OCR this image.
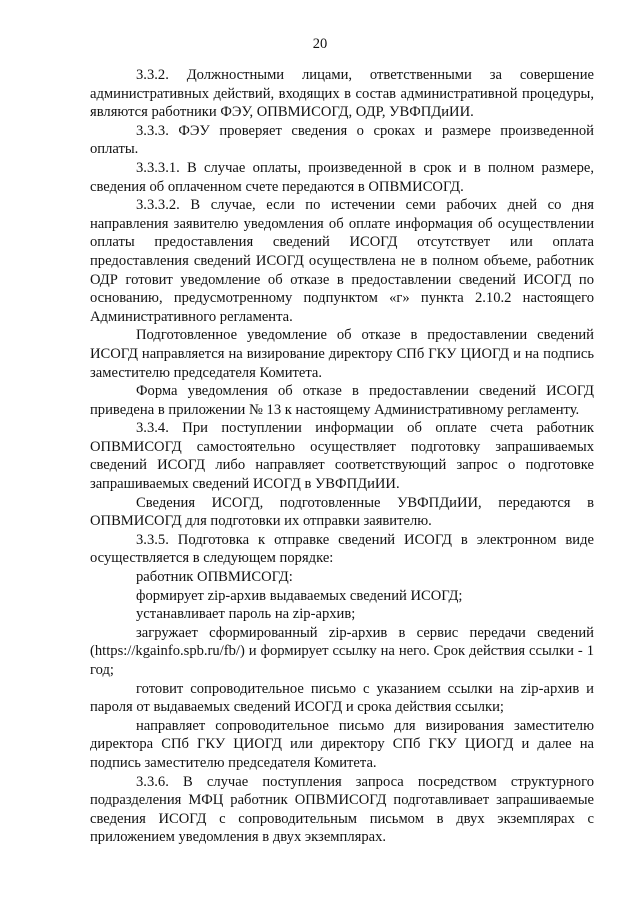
20

3.3.2. Должностными лицами, ответственными за совершение административных действий, входящих в состав административной процедуры, являются работники ФЭУ, ОПВМИСОГД, ОДР, УВФПДиИИ.

3.3.3. ФЭУ проверяет сведения о сроках и размере произведенной оплаты.

3.3.3.1. В случае оплаты, произведенной в срок и в полном размере, сведения об оплаченном счете передаются в ОПВМИСОГД.

3.3.3.2. В случае, если по истечении семи рабочих дней со дня направления заявителю уведомления об оплате информация об осуществлении оплаты предоставления сведений ИСОГД отсутствует или оплата предоставления сведений ИСОГД осуществлена не в полном объеме, работник ОДР готовит уведомление об отказе в предоставлении сведений ИСОГД по основанию, предусмотренному подпунктом «г» пункта 2.10.2 настоящего Административного регламента.

Подготовленное уведомление об отказе в предоставлении сведений ИСОГД направляется на визирование директору СПб ГКУ ЦИОГД и на подпись заместителю председателя Комитета.

Форма уведомления об отказе в предоставлении сведений ИСОГД приведена в приложении № 13 к настоящему Административному регламенту.

3.3.4. При поступлении информации об оплате счета работник ОПВМИСОГД самостоятельно осуществляет подготовку запрашиваемых сведений ИСОГД либо направляет соответствующий запрос о подготовке запрашиваемых сведений ИСОГД в УВФПДиИИ.

Сведения ИСОГД, подготовленные УВФПДиИИ, передаются в ОПВМИСОГД для подготовки их отправки заявителю.

3.3.5. Подготовка к отправке сведений ИСОГД в электронном виде осуществляется в следующем порядке:

работник ОПВМИСОГД:

формирует zip-архив выдаваемых сведений ИСОГД;

устанавливает пароль на zip-архив;

загружает сформированный zip-архив в сервис передачи сведений (https://kgainfo.spb.ru/fb/) и формирует ссылку на него. Срок действия ссылки - 1 год;

готовит сопроводительное письмо с указанием ссылки на zip-архив и пароля от выдаваемых сведений ИСОГД и срока действия ссылки;

направляет сопроводительное письмо для визирования заместителю директора СПб ГКУ ЦИОГД или директору СПб ГКУ ЦИОГД и далее на подпись заместителю председателя Комитета.

3.3.6. В случае поступления запроса посредством структурного подразделения МФЦ работник ОПВМИСОГД подготавливает запрашиваемые сведения ИСОГД с сопроводительным письмом в двух экземплярах с приложением уведомления в двух экземплярах.
